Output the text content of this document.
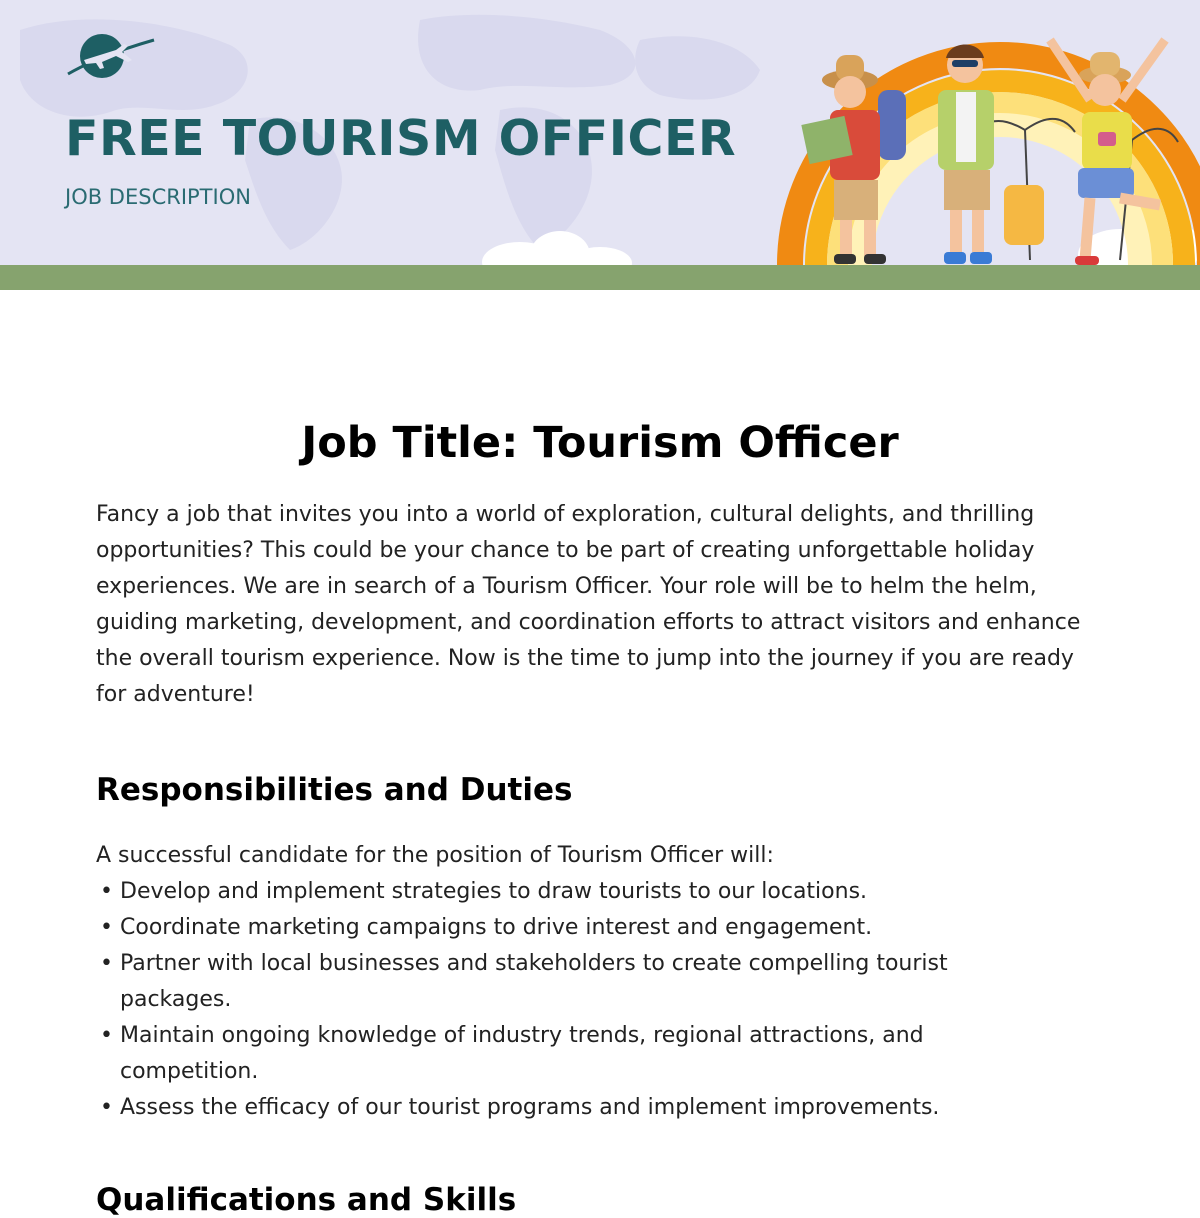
FREE TOURISM OFFICER
JOB DESCRIPTION
Job Title: Tourism Officer

Fancy a job that invites you into a world of exploration, cultural delights, and thrilling opportunities? This could be your chance to be part of creating unforgettable holiday experiences. We are in search of a Tourism Officer. Your role will be to helm the helm, guiding marketing, development, and coordination efforts to attract visitors and enhance the overall tourism experience. Now is the time to jump into the journey if you are ready for adventure!

Responsibilities and Duties

A successful candidate for the position of Tourism Officer will:

• Develop and implement strategies to draw tourists to our locations.
• Coordinate marketing campaigns to drive interest and engagement.
• Partner with local businesses and stakeholders to create compelling tourist packages.
• Maintain ongoing knowledge of industry trends, regional attractions, and competition.
• Assess the efficacy of our tourist programs and implement improvements.
Qualifications and Skills
